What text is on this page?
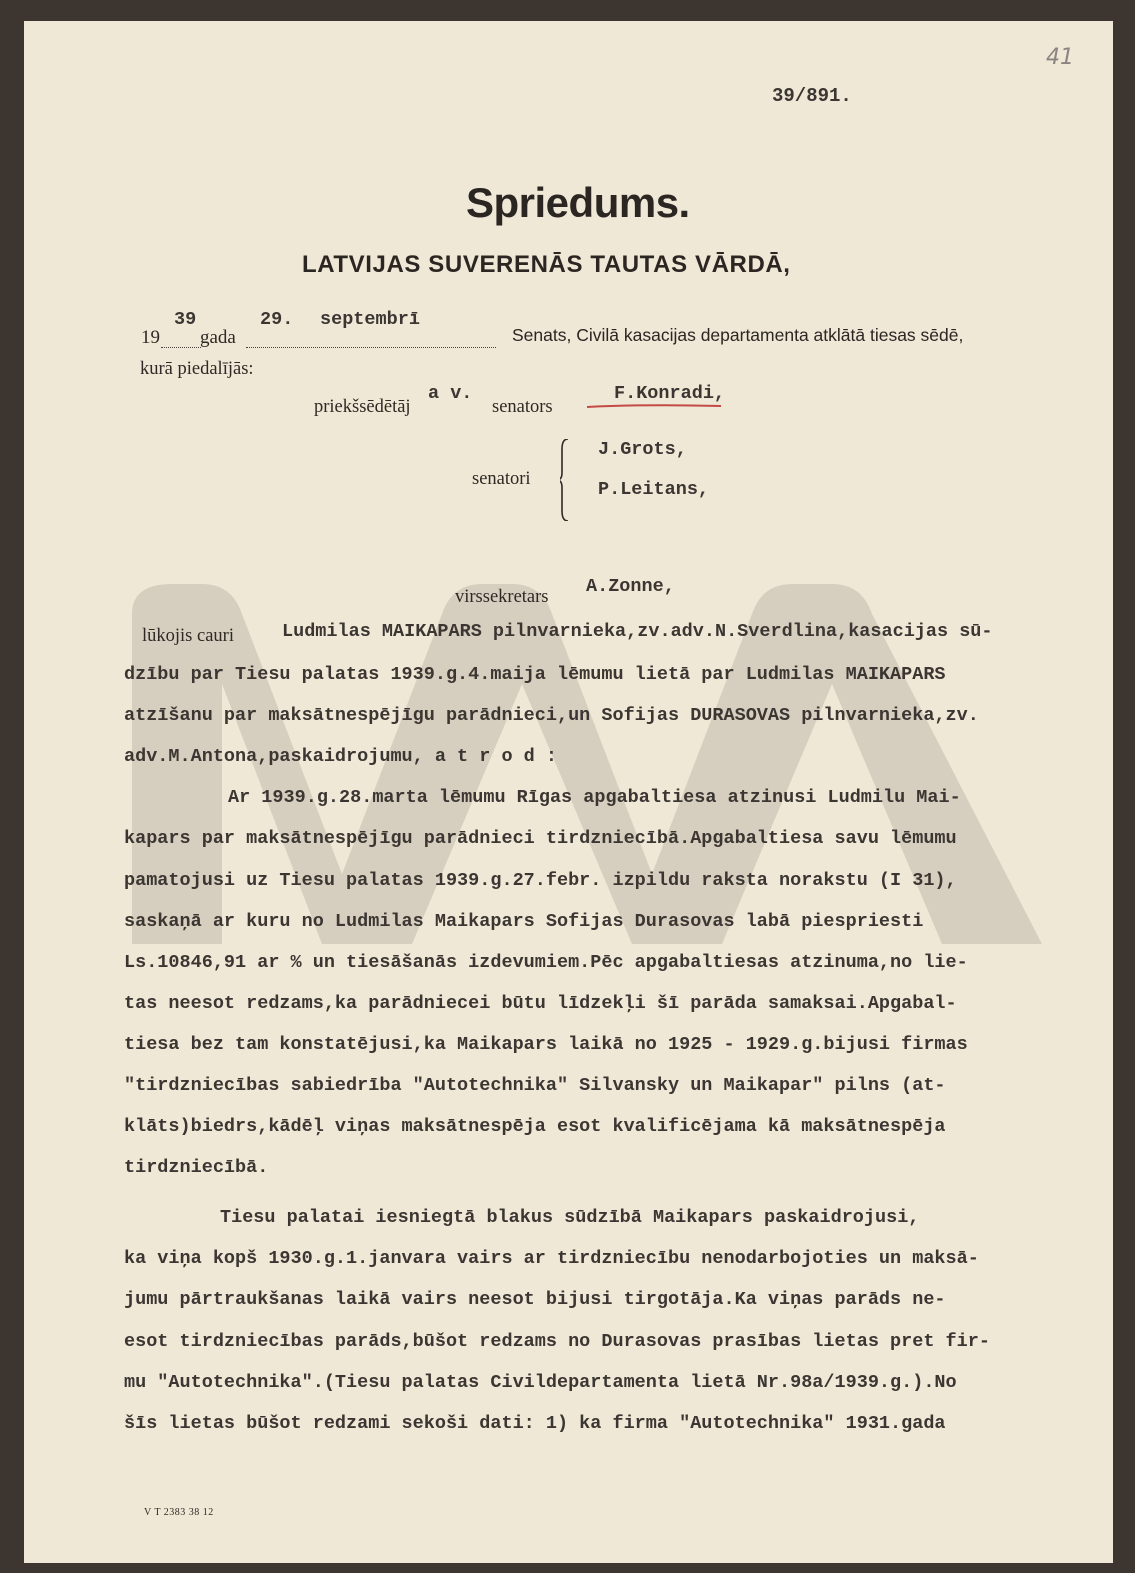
41
39/891.
Spriedums.
LATVIJAS SUVERENĀS TAUTAS VĀRDĀ,
19
39
gada
29. septembrī
Senats, Civilā kasacijas departamenta atklātā tiesas sēdē,
kurā piedalījās:
priekšsēdētāj
a v.
senators
F.Konradi,
J.Grots,
P.Leitans,
senatori
A.Zonne,
virssekretars
lūkojis cauri	Ludmilas MAIKAPARS pilnvarnieka,zv.adv.N.Sverdlina,kasacijas sū-
dzību par Tiesu palatas 1939.g.4.maija lēmumu lietā par Ludmilas MAIKAPARS
atzīšanu par maksātnespējīgu parādnieci,un Sofijas DURASOVAS pilnvarnieka,zv.
adv.M.Antona,paskaidrojumu, a t r o d :
Ar 1939.g.28.marta lēmumu Rīgas apgabaltiesa atzinusi Ludmilu Mai-
kapars par maksātnespējīgu parādnieci tirdzniecībā.Apgabaltiesa savu lēmumu
pamatojusi uz Tiesu palatas 1939.g.27.febr. izpildu raksta norakstu (I 31),
saskaņā ar kuru no Ludmilas Maikapars Sofijas Durasovas labā piespriesti
Ls.10846,91 ar % un tiesāšanās izdevumiem.Pēc apgabaltiesas atzinuma,no lie-
tas neesot redzams,ka parādniecei būtu līdzekļi šī parāda samaksai.Apgabal-
tiesa bez tam konstatējusi,ka Maikapars laikā no 1925 - 1929.g.bijusi firmas
"tirdzniecības sabiedrība "Autotechnika" Silvansky un Maikapar" pilns (at-
klāts)biedrs,kādēļ viņas maksātnespēja esot kvalificējama kā maksātnespēja
tirdzniecībā.
Tiesu palatai iesniegtā blakus sūdzībā Maikapars paskaidrojusi,
ka viņa kopš 1930.g.1.janvara vairs ar tirdzniecību nenodarbojoties un maksā-
jumu pārtraukšanas laikā vairs neesot bijusi tirgotāja.Ka viņas parāds ne-
esot tirdzniecības parāds,būšot redzams no Durasovas prasības lietas pret fir-
mu "Autotechnika".(Tiesu palatas Civildepartamenta lietā Nr.98a/1939.g.).No
šīs lietas būšot redzami sekoši dati: 1) ka firma "Autotechnika" 1931.gada
V T 2383 38 12
